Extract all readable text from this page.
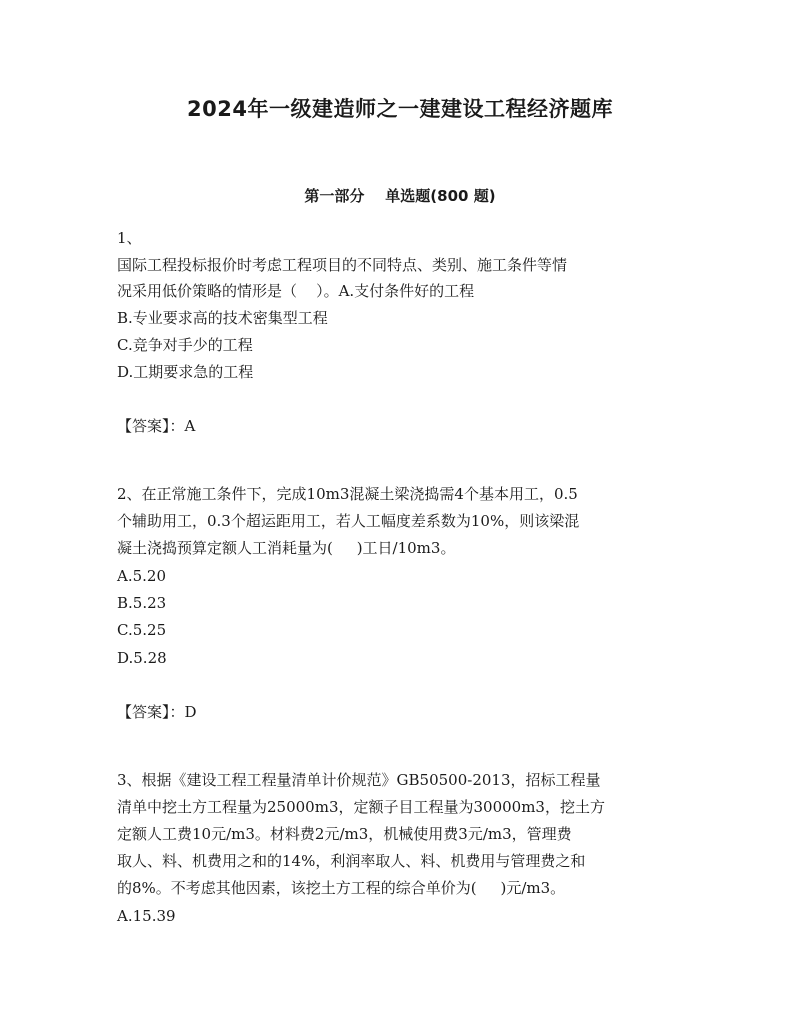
2024年一级建造师之一建建设工程经济题库
第一部分    单选题(800 题)

1、

国际工程投标报价时考虑工程项目的不同特点、类别、施工条件等情

况采用低价策略的情形是（    ）。A.支付条件好的工程

B.专业要求高的技术密集型工程

C.竞争对手少的工程

D.工期要求急的工程

【答案】：A

2、在正常施工条件下，完成10m3混凝土梁浇捣需4个基本用工，0.5

个辅助用工，0.3个超运距用工，若人工幅度差系数为10%，则该梁混

凝土浇捣预算定额人工消耗量为(     )工日/10m3。

A.5.20

B.5.23

C.5.25

D.5.28

【答案】：D

3、根据《建设工程工程量清单计价规范》GB50500-2013，招标工程量

清单中挖土方工程量为25000m3，定额子目工程量为30000m3，挖土方

定额人工费10元/m3。材料费2元/m3，机械使用费3元/m3，管理费

取人、料、机费用之和的14%，利润率取人、料、机费用与管理费之和

的8%。不考虑其他因素，该挖土方工程的综合单价为(     )元/m3。

A.15.39
